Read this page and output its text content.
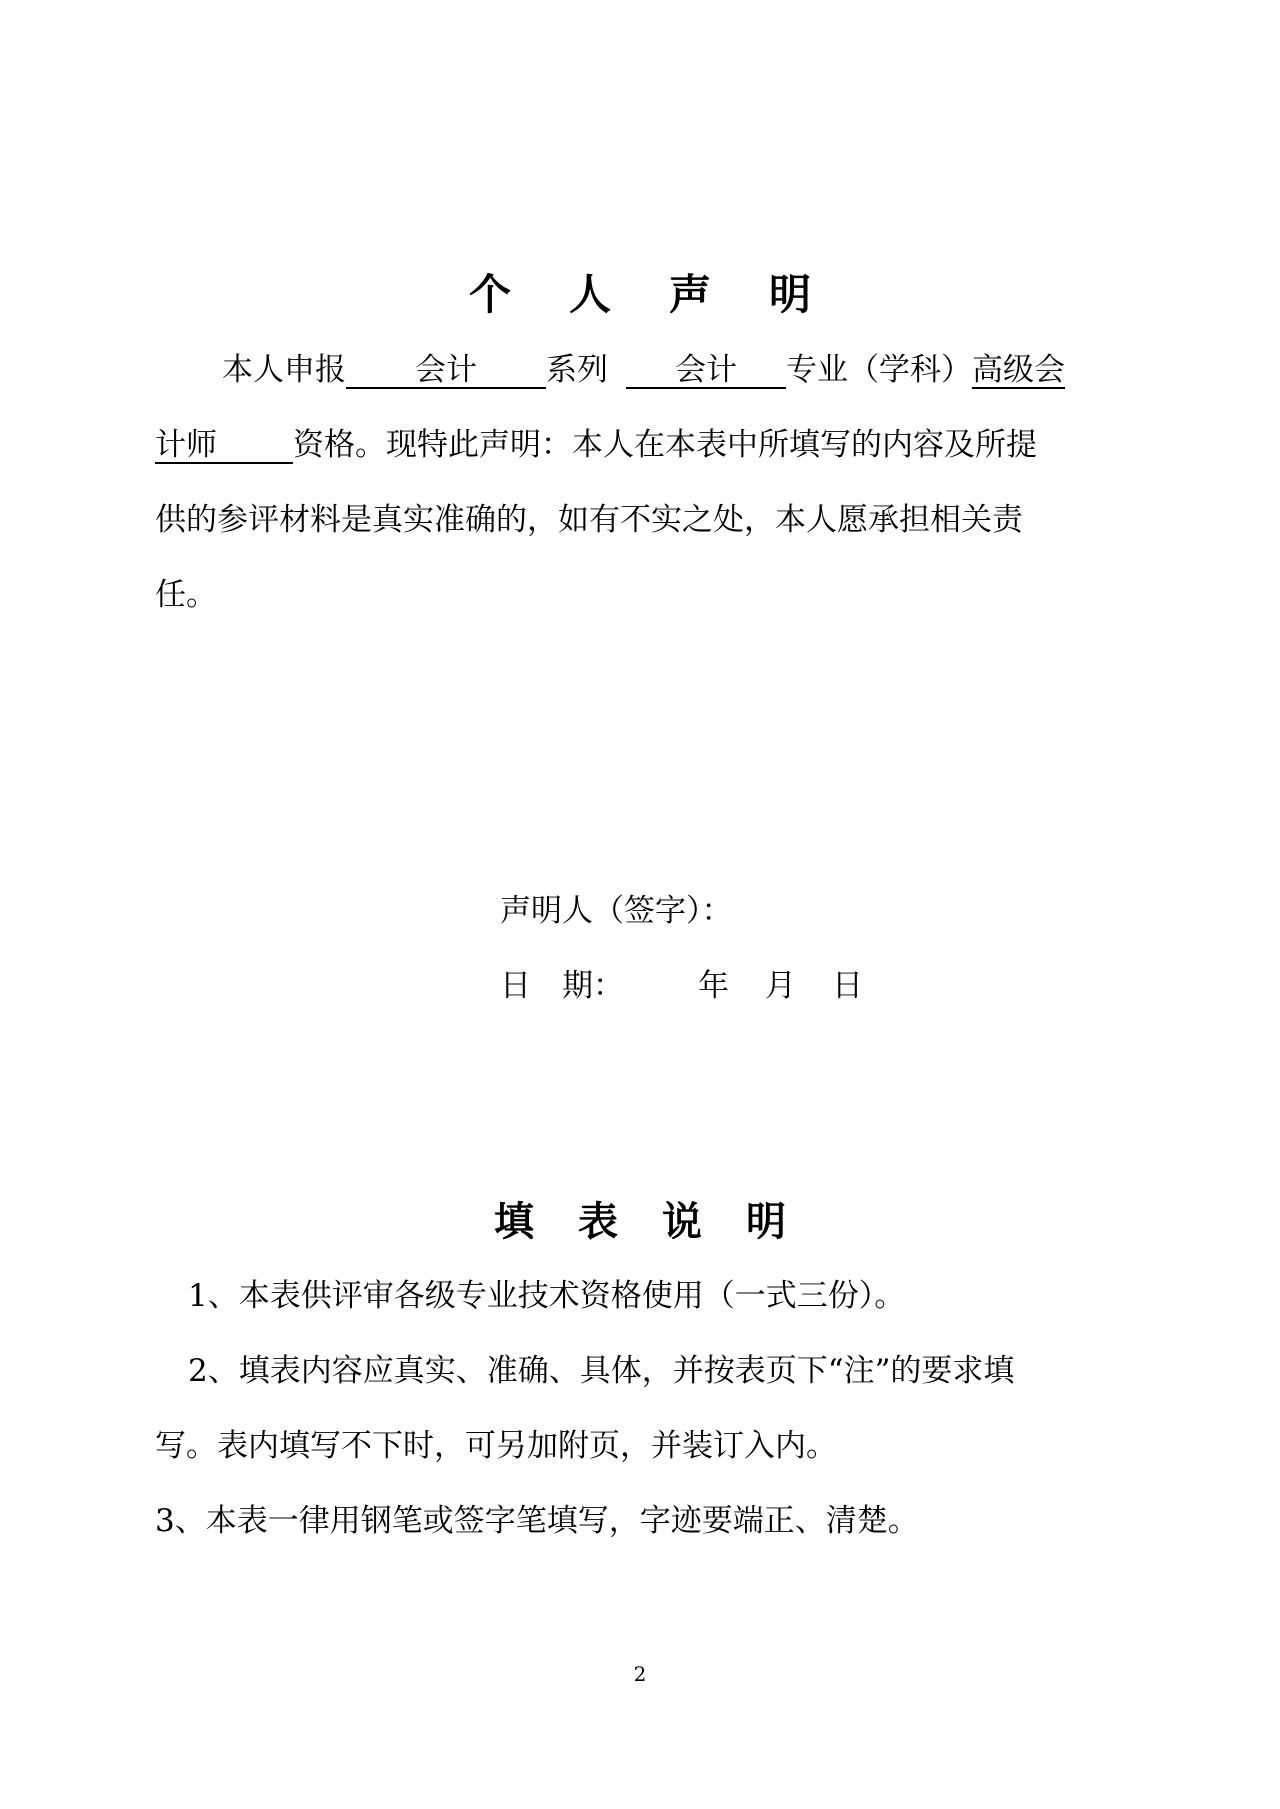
个 人 声 明
本人申报 会计 系列 会计 专业（学科）高级会
计师 资格。现特此声明：本人在本表中所填写的内容及所提
供的参评材料是真实准确的，如有不实之处，本人愿承担相关责
任。
声明人（签字）：
日　期： 年 月 日
填 表 说 明
1、本表供评审各级专业技术资格使用（一式三份）。
2、填表内容应真实、准确、具体，并按表页下“注”的要求填
写。表内填写不下时，可另加附页，并装订入内。
3、本表一律用钢笔或签字笔填写，字迹要端正、清楚。
2
